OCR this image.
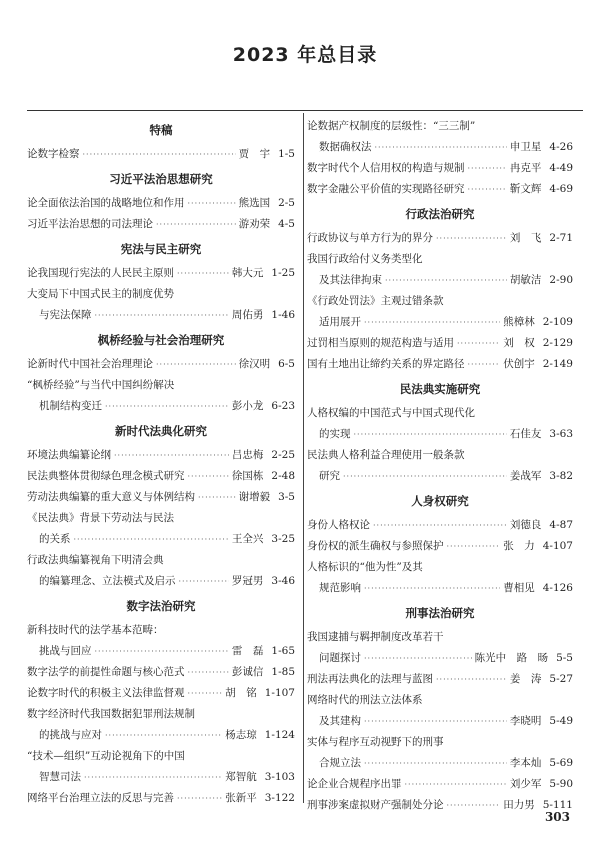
2023 年总目录
特稿
论数字检察 ·····	贾　宇 1-5
习近平法治思想研究
论全面依法治国的战略地位和作用 ·····	熊选国 2-5
习近平法治思想的司法理论 ·····	游劝荣 4-5
宪法与民主研究
论我国现行宪法的人民民主原则 ·····	韩大元 1-25
大变局下中国式民主的制度优势
与宪法保障 ·····	周佑勇 1-46
枫桥经验与社会治理研究
论新时代中国社会治理理论 ·····	徐汉明 6-5
“枫桥经验”与当代中国纠纷解决
机制结构变迁 ·····	彭小龙 6-23
新时代法典化研究
环境法典编纂论纲 ·····	吕忠梅 2-25
民法典整体贯彻绿色理念模式研究 ·····	徐国栋 2-48
劳动法典编纂的重大意义与体例结构 ·····	谢增毅 3-5
《民法典》背景下劳动法与民法
的关系 ·····	王全兴 3-25
行政法典编纂视角下明清会典
的编纂理念、立法模式及启示 ·····	罗冠男 3-46
数字法治研究
新科技时代的法学基本范畴：
挑战与回应 ·····	雷　磊 1-65
数字法学的前提性命题与核心范式 ·····	彭诚信 1-85
论数字时代的积极主义法律监督观 ·····	胡　铭 1-107
数字经济时代我国数据犯罪刑法规制
的挑战与应对 ·····	杨志琼 1-124
“技术—组织”互动论视角下的中国
智慧司法 ·····	郑智航 3-103
网络平台治理立法的反思与完善 ·····	张新平 3-122
论数据产权制度的层级性：“三三制”
数据确权法 ·····	申卫星 4-26
数字时代个人信用权的构造与规制 ·····	冉克平 4-49
数字金融公平价值的实现路径研究 ·····	靳文辉 4-69
行政法治研究
行政协议与单方行为的界分 ·····	刘　飞 2-71
我国行政给付义务类型化
及其法律拘束 ·····	胡敏洁 2-90
《行政处罚法》主观过错条款
适用展开 ·····	熊樟林 2-109
过罚相当原则的规范构造与适用 ·····	刘　权 2-129
国有土地出让缔约关系的界定路径 ·····	伏创宇 2-149
民法典实施研究
人格权编的中国范式与中国式现代化
的实现 ·····	石佳友 3-63
民法典人格利益合理使用一般条款
研究 ·····	姜战军 3-82
人身权研究
身份人格权论 ·····	刘德良 4-87
身份权的派生确权与参照保护 ·····	张　力 4-107
人格标识的“他为性”及其
规范影响 ·····	曹相见 4-126
刑事法治研究
我国逮捕与羁押制度改革若干
问题探讨 ·····	陈光中　路　旸 5-5
刑法再法典化的法理与蓝图 ·····	姜　涛 5-27
网络时代的刑法立法体系
及其建构 ·····	李晓明 5-49
实体与程序互动视野下的刑事
合规立法 ·····	李本灿 5-69
论企业合规程序出罪 ·····	刘少军 5-90
刑事涉案虚拟财产强制处分论 ·····	田力男 5-111
303
